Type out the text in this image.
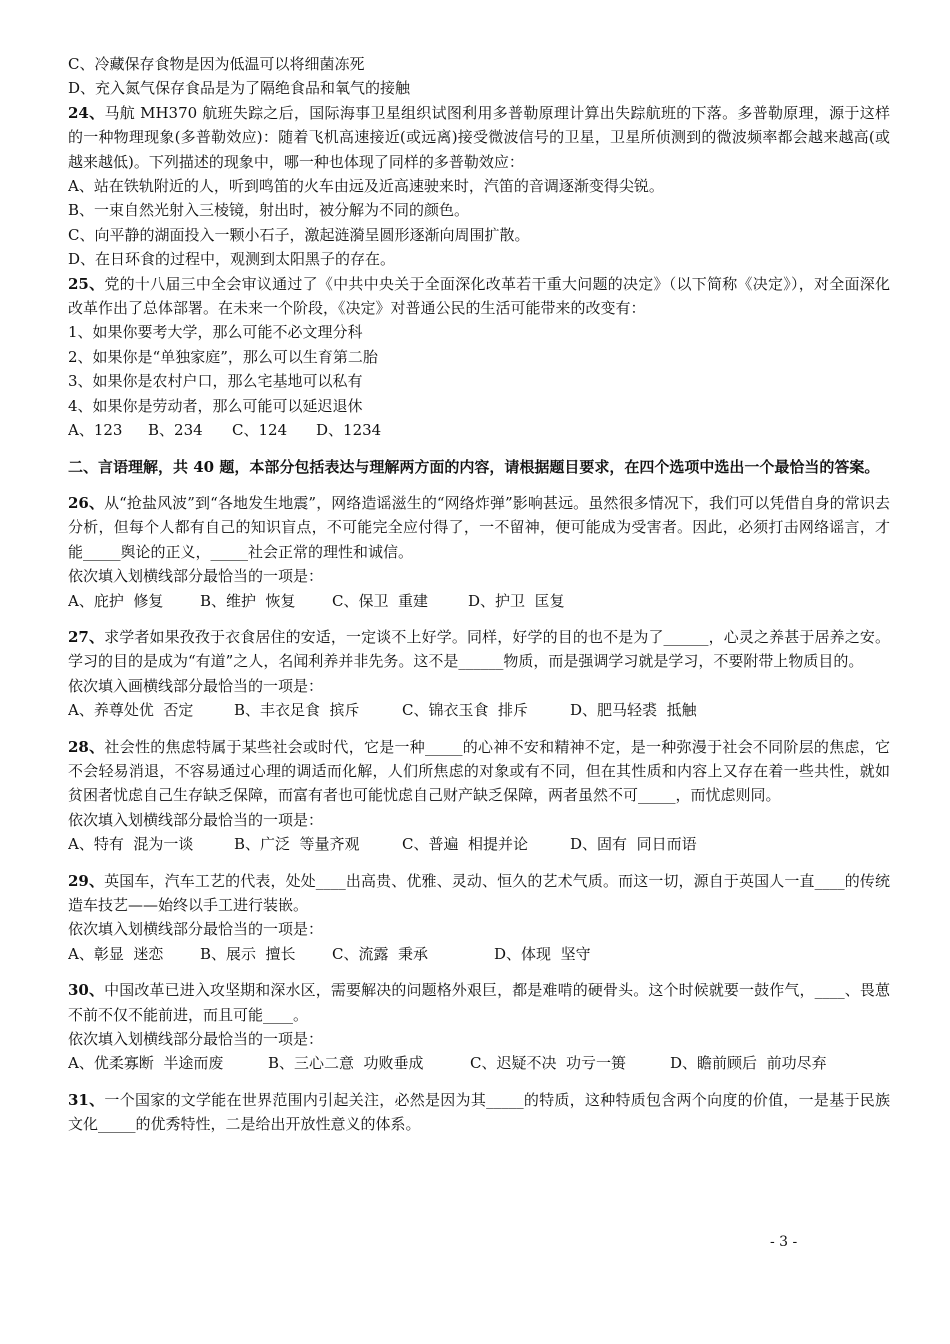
C、冷藏保存食物是因为低温可以将细菌冻死
D、充入氮气保存食品是为了隔绝食品和氧气的接触
24、马航 MH370 航班失踪之后，国际海事卫星组织试图利用多普勒原理计算出失踪航班的下落。多普勒原理，源于这样的一种物理现象(多普勒效应)：随着飞机高速接近(或远离)接受微波信号的卫星，卫星所侦测到的微波频率都会越来越高(或越来越低)。下列描述的现象中，哪一种也体现了同样的多普勒效应：
A、站在铁轨附近的人，听到鸣笛的火车由远及近高速驶来时，汽笛的音调逐渐变得尖锐。
B、一束自然光射入三棱镜，射出时，被分解为不同的颜色。
C、向平静的湖面投入一颗小石子，激起涟漪呈圆形逐渐向周围扩散。
D、在日环食的过程中，观测到太阳黑子的存在。
25、党的十八届三中全会审议通过了《中共中央关于全面深化改革若干重大问题的决定》（以下简称《决定》），对全面深化改革作出了总体部署。在未来一个阶段，《决定》对普通公民的生活可能带来的改变有：
1、如果你要考大学，那么可能不必文理分科
2、如果你是“单独家庭”，那么可以生育第二胎
3、如果你是农村户口，那么宅基地可以私有
4、如果你是劳动者，那么可能可以延迟退休
A、123 B、234 C、124 D、1234
二、言语理解，共 40 题，本部分包括表达与理解两方面的内容，请根据题目要求，在四个选项中选出一个最恰当的答案。
26、从“抢盐风波”到“各地发生地震”，网络造谣滋生的“网络炸弹”影响甚远。虽然很多情况下，我们可以凭借自身的常识去分析，但每个人都有自己的知识盲点，不可能完全应付得了，一不留神，便可能成为受害者。因此，必须打击网络谣言，才能_____舆论的正义，_____社会正常的理性和诚信。
依次填入划横线部分最恰当的一项是：
A、庇护  修复 B、维护  恢复 C、保卫  重建	D、护卫  匡复
27、求学者如果孜孜于衣食居住的安适，一定谈不上好学。同样，好学的目的也不是为了______，心灵之养甚于居养之安。学习的目的是成为“有道”之人，名闻利养并非先务。这不是______物质，而是强调学习就是学习，不要附带上物质目的。
依次填入画横线部分最恰当的一项是：
A、养尊处优  否定	B、丰衣足食  摈斥	C、锦衣玉食  排斥	D、肥马轻裘  抵触
28、社会性的焦虑特属于某些社会或时代，它是一种_____的心神不安和精神不定，是一种弥漫于社会不同阶层的焦虑，它不会轻易消退，不容易通过心理的调适而化解，人们所焦虑的对象或有不同，但在其性质和内容上又存在着一些共性，就如贫困者忧虑自己生存缺乏保障，而富有者也可能忧虑自己财产缺乏保障，两者虽然不可_____，而忧虑则同。
依次填入划横线部分最恰当的一项是：
A、特有  混为一谈	B、广泛  等量齐观	C、普遍  相提并论	D、固有  同日而语
29、英国车，汽车工艺的代表，处处____出高贵、优雅、灵动、恒久的艺术气质。而这一切，源自于英国人一直____的传统造车技艺——始终以手工进行装嵌。
依次填入划横线部分最恰当的一项是：
A、彰显  迷恋 B、展示  擅长 C、流露  秉承	D、体现  坚守
30、中国改革已进入攻坚期和深水区，需要解决的问题格外艰巨，都是难啃的硬骨头。这个时候就要一鼓作气，____、畏葸不前不仅不能前进，而且可能____。
依次填入划横线部分最恰当的一项是：
A、优柔寡断  半途而废	B、三心二意  功败垂成	C、迟疑不决  功亏一篑	D、瞻前顾后  前功尽弃
31、一个国家的文学能在世界范围内引起关注，必然是因为其_____的特质，这种特质包含两个向度的价值，一是基于民族文化_____的优秀特性，二是给出开放性意义的体系。
- 3 -
